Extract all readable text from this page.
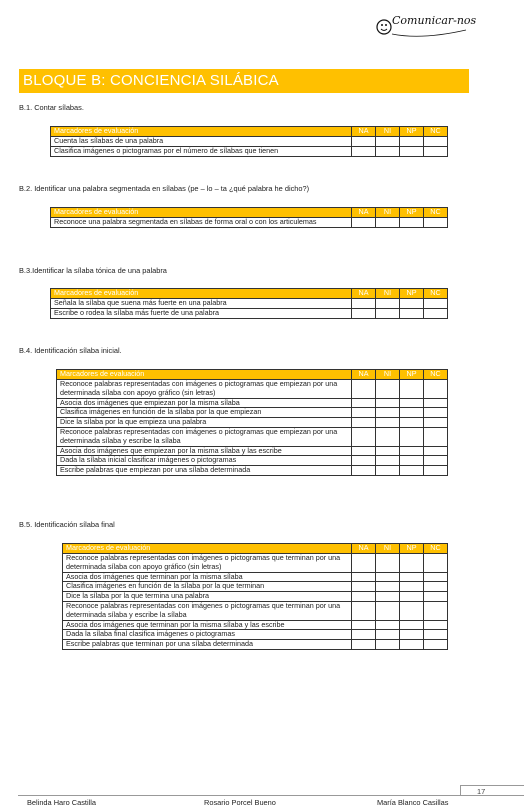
Comunicar-nos
BLOQUE B: CONCIENCIA SILÁBICA
B.1. Contar sílabas.
Marcadores de evaluación	NA	NI	NP	NC
Cuenta las sílabas de una palabra				
Clasifica imágenes o pictogramas por el número de sílabas que tienen				
B.2. Identificar una palabra segmentada en sílabas (pe – lo – ta ¿qué palabra he dicho?)
Marcadores de evaluación	NA	NI	NP	NC
Reconoce una palabra segmentada en sílabas de forma oral o con los articulemas				
B.3.Identificar la sílaba tónica de una palabra
Marcadores de evaluación	NA	NI	NP	NC
Señala la sílaba que suena más fuerte en una palabra				
Escribe o rodea la sílaba más fuerte de una palabra				
B.4. Identificación sílaba inicial.
Marcadores de evaluación	NA	NI	NP	NC
Reconoce palabras representadas con imágenes o pictogramas que empiezan por una determinada sílaba con apoyo gráfico (sin letras)				
Asocia dos imágenes que empiezan por la misma sílaba				
Clasifica imágenes en función de la sílaba por la que empiezan				
Dice la sílaba por la que empieza una palabra				
Reconoce palabras representadas con imágenes o pictogramas que empiezan por una determinada sílaba y escribe la sílaba				
Asocia dos imágenes que empiezan por la misma sílaba y las escribe				
Dada la sílaba inicial clasificar imágenes o pictogramas				
Escribe palabras que empiezan por una sílaba determinada				
B.5. Identificación sílaba final
Marcadores de evaluación	NA	NI	NP	NC
Reconoce palabras representadas con imágenes o pictogramas que terminan por una determinada sílaba con apoyo gráfico (sin letras)				
Asocia dos imágenes que terminan por la misma sílaba				
Clasifica imágenes en función de la sílaba por la que terminan				
Dice la sílaba por la que termina una palabra				
Reconoce palabras representadas con imágenes o pictogramas que terminan por una determinada sílaba y escribe la sílaba				
Asocia dos imágenes que terminan por la misma sílaba y las escribe				
Dada la sílaba final clasifica imágenes o pictogramas				
Escribe palabras que terminan por una sílaba determinada				
17
Belinda Haro Castilla	Rosario Porcel Bueno	María Blanco Casillas
